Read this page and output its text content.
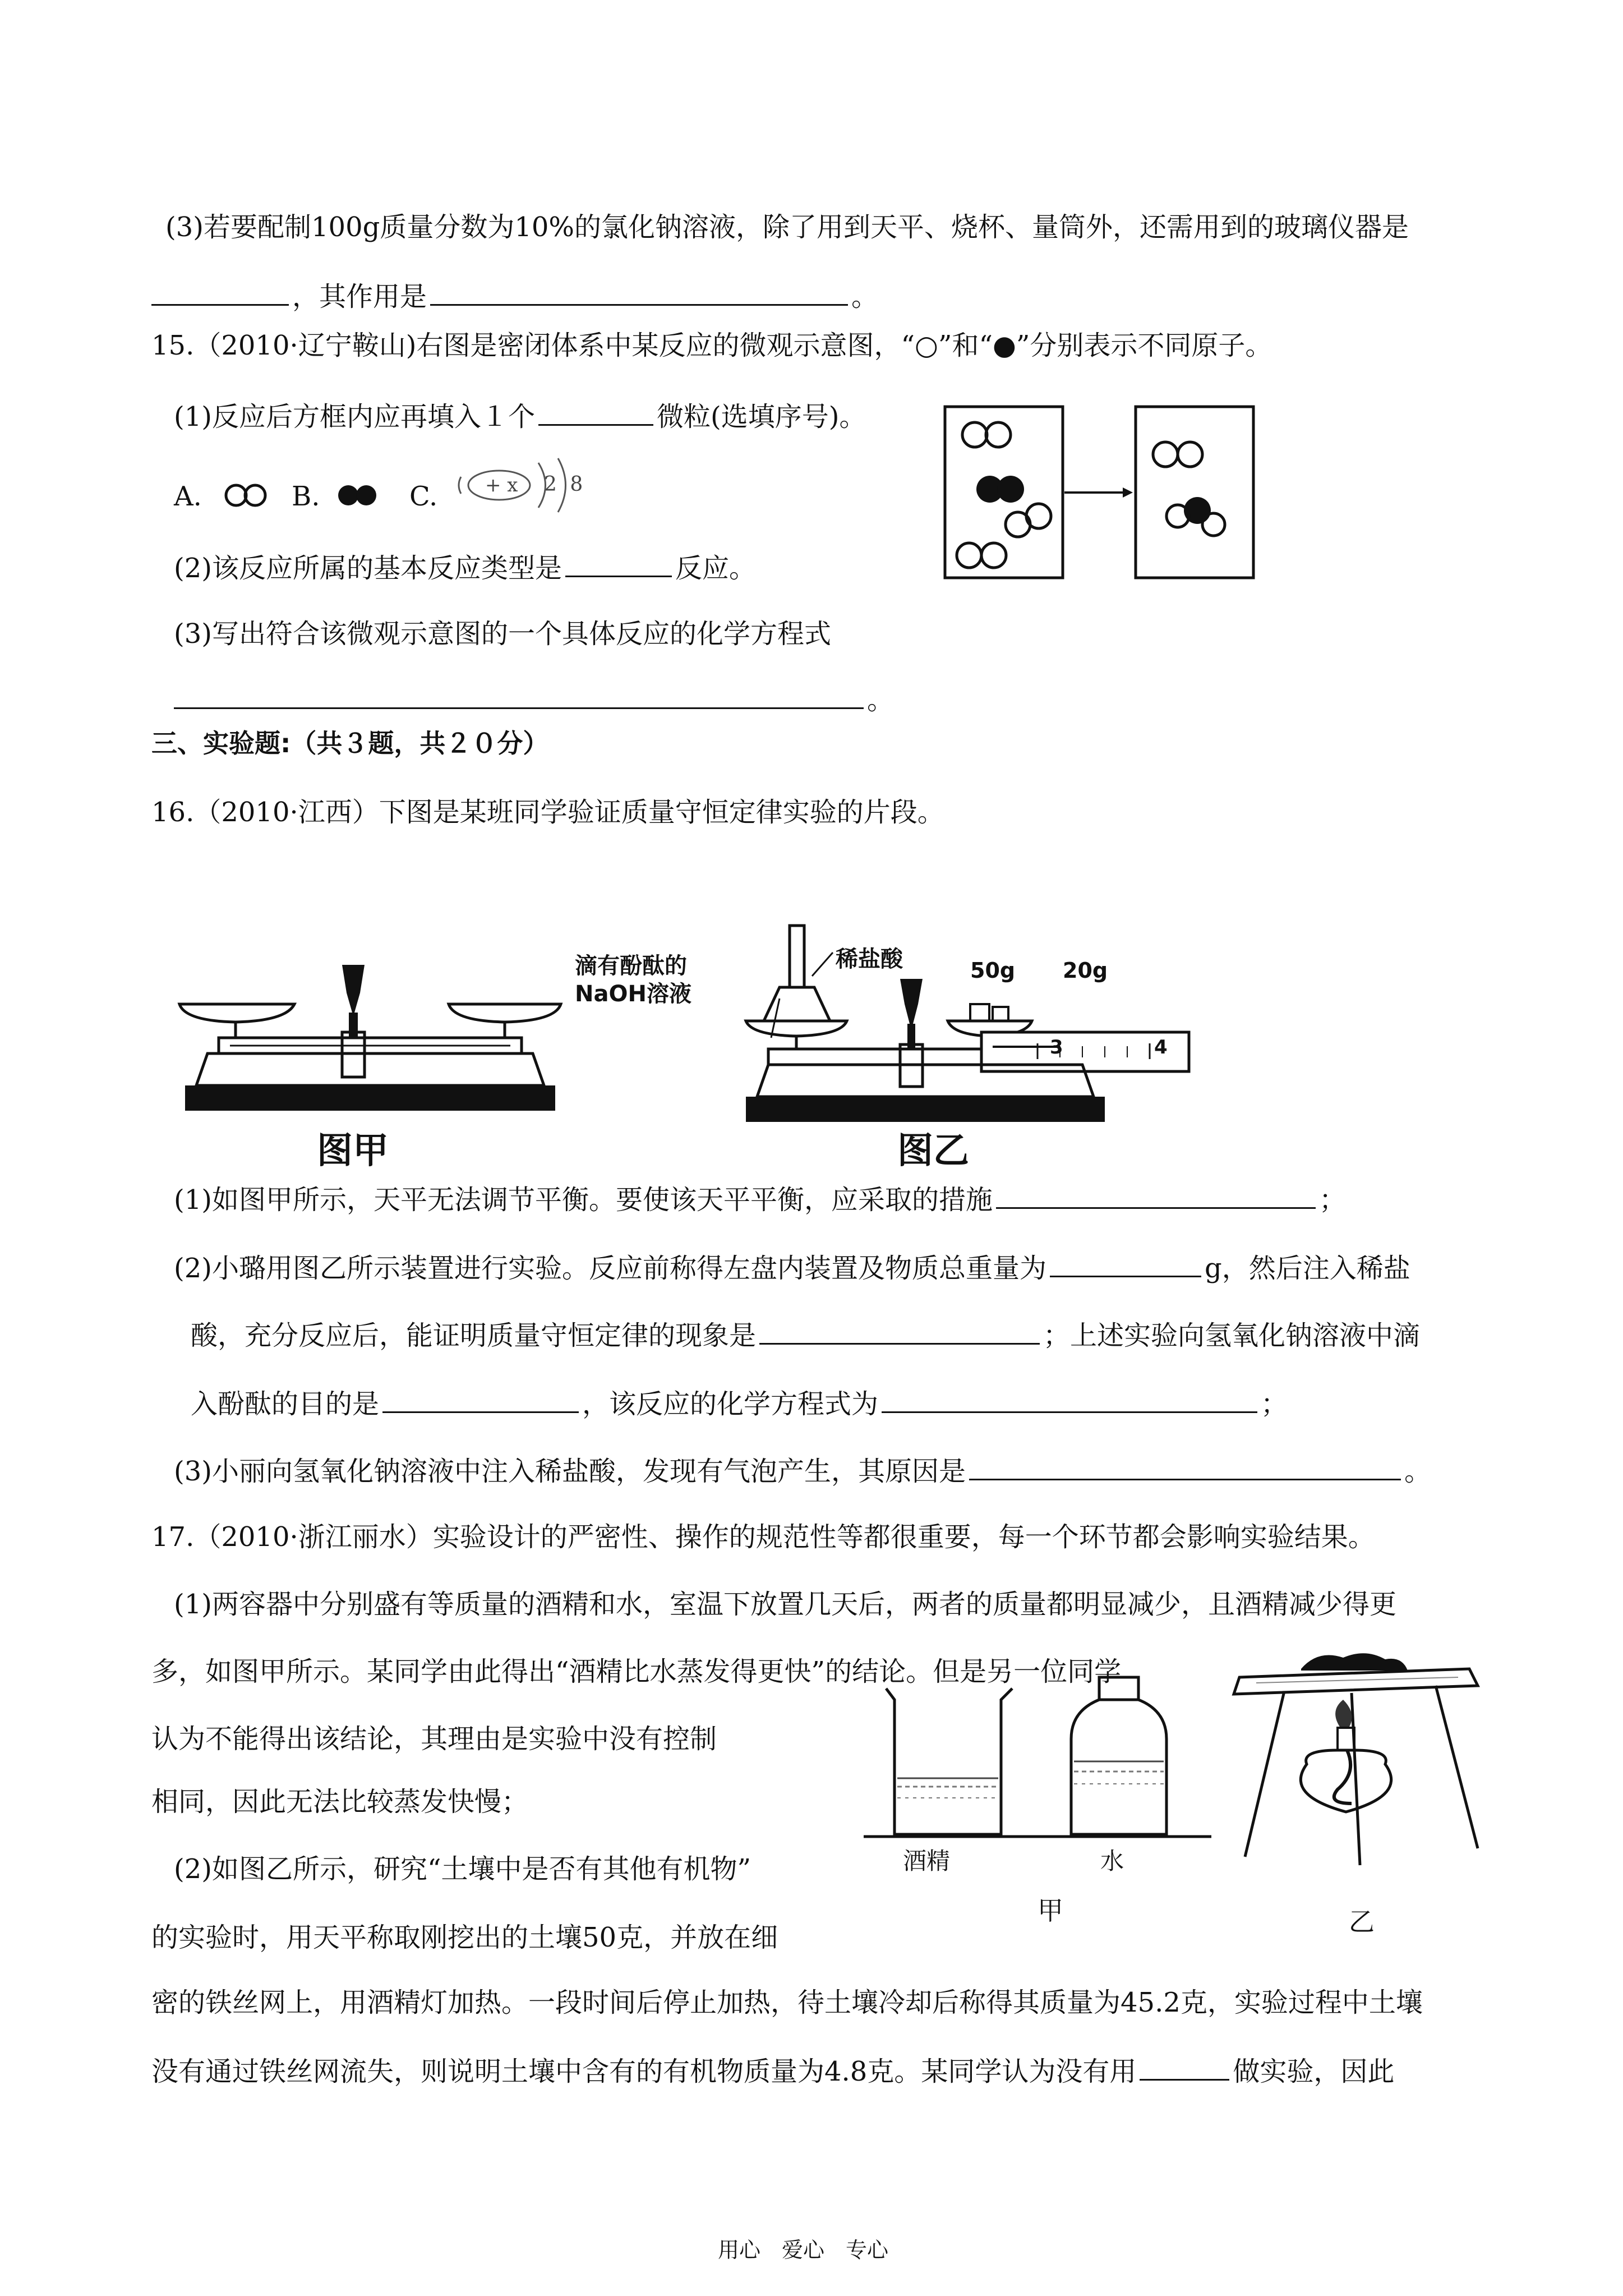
(3)若要配制100g质量分数为10%的氯化钠溶液，除了用到天平、烧杯、量筒外，还需用到的玻璃仪器是
，其作用是	。
15.（2010·辽宁鞍山)右图是密闭体系中某反应的微观示意图，“○”和“●”分别表示不同原子。
(1)反应后方框内应再填入１个	微粒(选填序号)。
A.	B.	C. + x 2 8
(2)该反应所属的基本反应类型是	反应。
(3)写出符合该微观示意图的一个具体反应的化学方程式
。
三、实验题:（共３题，共２０分）
16.（2010·江西）下图是某班同学验证质量守恒定律实验的片段。
图甲
滴有酚酞的
NaOH溶液
稀盐酸	50g 20g
3	4
图乙
(1)如图甲所示，天平无法调节平衡。要使该天平平衡，应采取的措施	；
(2)小璐用图乙所示装置进行实验。反应前称得左盘内装置及物质总重量为	g，然后注入稀盐
酸，充分反应后，能证明质量守恒定律的现象是	；上述实验向氢氧化钠溶液中滴
入酚酞的目的是	，该反应的化学方程式为	；
(3)小丽向氢氧化钠溶液中注入稀盐酸，发现有气泡产生，其原因是	。
17.（2010·浙江丽水）实验设计的严密性、操作的规范性等都很重要，每一个环节都会影响实验结果。
(1)两容器中分别盛有等质量的酒精和水，室温下放置几天后，两者的质量都明显减少，且酒精减少得更
多，如图甲所示。某同学由此得出“酒精比水蒸发得更快”的结论。但是另一位同学
认为不能得出该结论，其理由是实验中没有控制
相同，因此无法比较蒸发快慢；
(2)如图乙所示，研究“土壤中是否有其他有机物”
的实验时，用天平称取刚挖出的土壤50克，并放在细
密的铁丝网上，用酒精灯加热。一段时间后停止加热，待土壤冷却后称得其质量为45.2克，实验过程中土壤
没有通过铁丝网流失，则说明土壤中含有的有机物质量为4.8克。某同学认为没有用	做实验，因此
酒精	水
甲	乙
用心　爱心　专心
